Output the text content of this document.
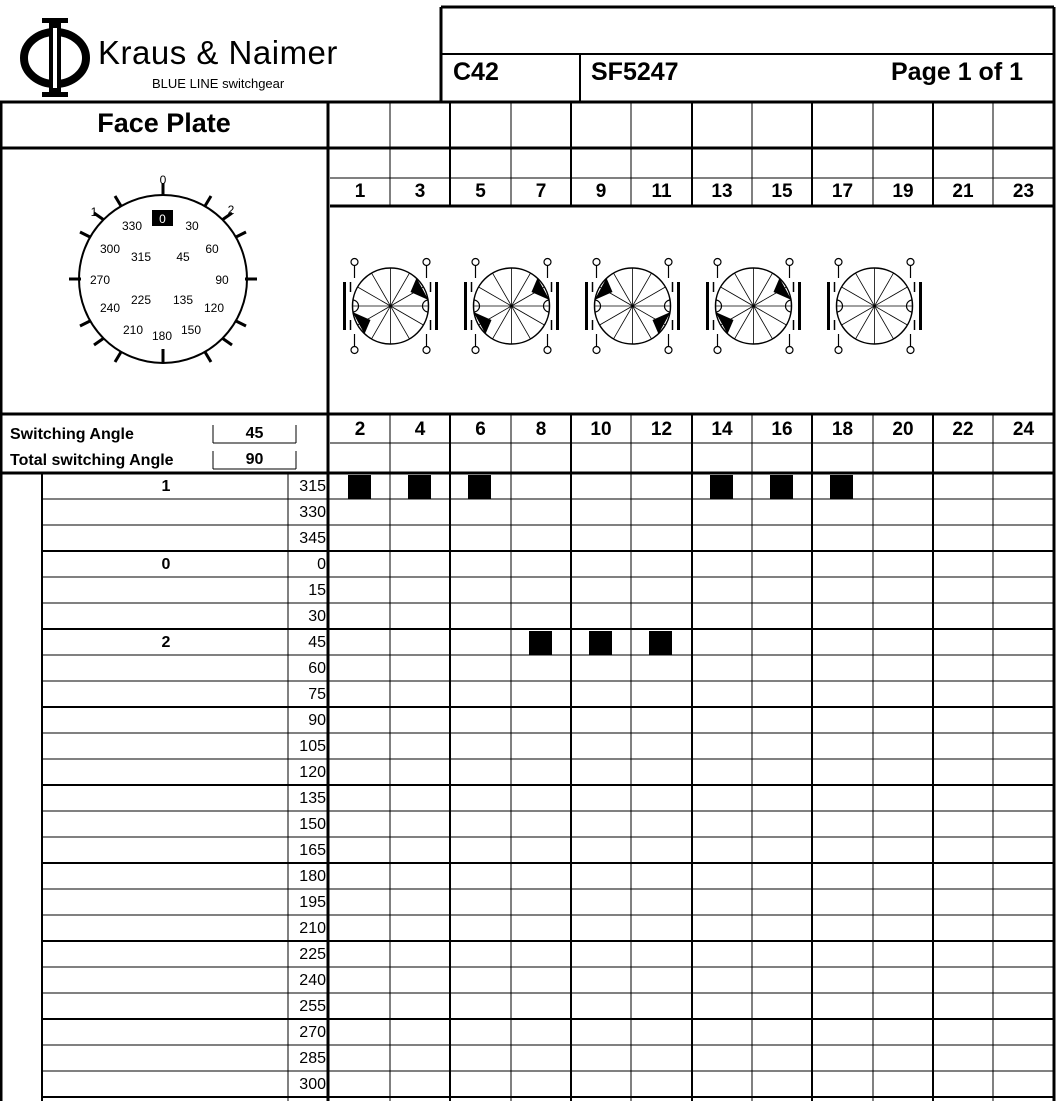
Kraus & Naimer
BLUE LINE switchgear	C42	SF5247	Page 1 of 1
Face Plate
0
1	2
0
330	30
300
315 45
60
270	90
240
225 135
120
210 180 150
Switching Angle	45
Total switching Angle	90
1	3	5	7	9	11	13	15	17	19	21	23
2	4	6	8	10	12	14	16	18	20	22	24
1	315
330
345
0	0
15
30
2	45
60
75
90
105
120
135
150
165
180
195
210
225
240
255
270
285
300
